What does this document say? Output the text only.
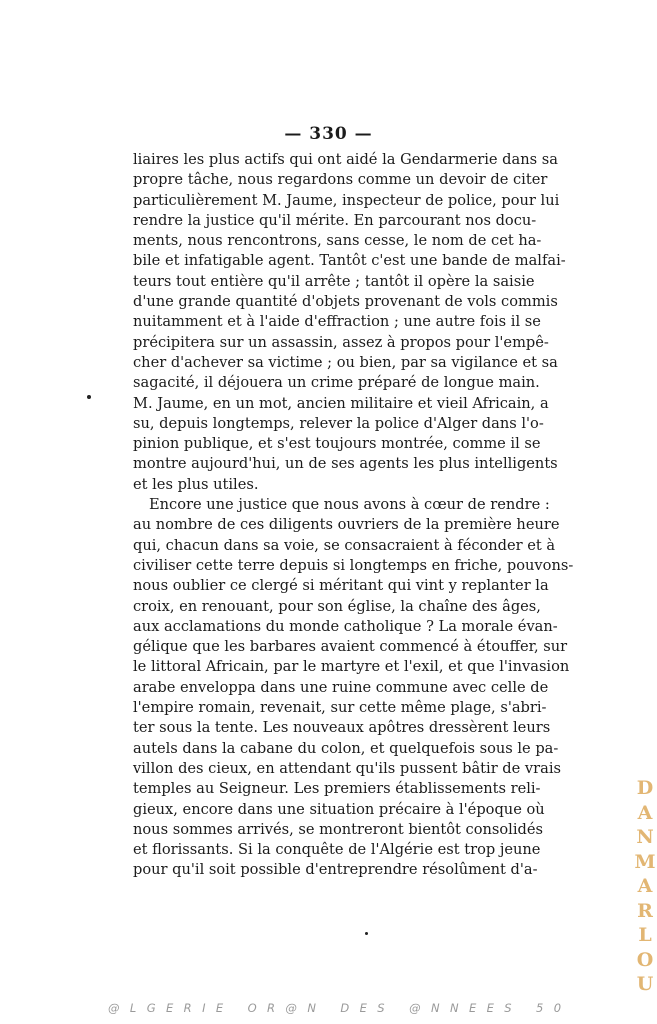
— 330 —
liaires les plus actifs qui ont aidé la Gendarmerie dans sa
propre tâche, nous regardons comme un devoir de citer
particulièrement M. Jaume, inspecteur de police, pour lui
rendre la justice qu'il mérite. En parcourant nos docu-
ments, nous rencontrons, sans cesse, le nom de cet ha-
bile et infatigable agent. Tantôt c'est une bande de malfai-
teurs tout entière qu'il arrête ; tantôt il opère la saisie
d'une grande quantité d'objets provenant de vols commis
nuitamment et à l'aide d'effraction ; une autre fois il se
précipitera sur un assassin, assez à propos pour l'empê-
cher d'achever sa victime ; ou bien, par sa vigilance et sa
sagacité, il déjouera un crime préparé de longue main.
M. Jaume, en un mot, ancien militaire et vieil Africain, a
su, depuis longtemps, relever la police d'Alger dans l'o-
pinion publique, et s'est toujours montrée, comme il se
montre aujourd'hui, un de ses agents les plus intelligents
et les plus utiles.
Encore une justice que nous avons à cœur de rendre :
au nombre de ces diligents ouvriers de la première heure
qui, chacun dans sa voie, se consacraient à féconder et à
civiliser cette terre depuis si longtemps en friche, pouvons-
nous oublier ce clergé si méritant qui vint y replanter la
croix, en renouant, pour son église, la chaîne des âges,
aux acclamations du monde catholique ? La morale évan-
gélique que les barbares avaient commencé à étouffer, sur
le littoral Africain, par le martyre et l'exil, et que l'invasion
arabe enveloppa dans une ruine commune avec celle de
l'empire romain, revenait, sur cette même plage, s'abri-
ter sous la tente. Les nouveaux apôtres dressèrent leurs
autels dans la cabane du colon, et quelquefois sous le pa-
villon des cieux, en attendant qu'ils pussent bâtir de vrais
temples au Seigneur. Les premiers établissements reli-
gieux, encore dans une situation précaire à l'époque où
nous sommes arrivés, se montreront bientôt consolidés
et florissants. Si la conquête de l'Algérie est trop jeune
pour qu'il soit possible d'entreprendre résolûment d'a-
D
A
N
M
A
R
L
O
U
@LGERIE OR@N DES @NNEES 50
